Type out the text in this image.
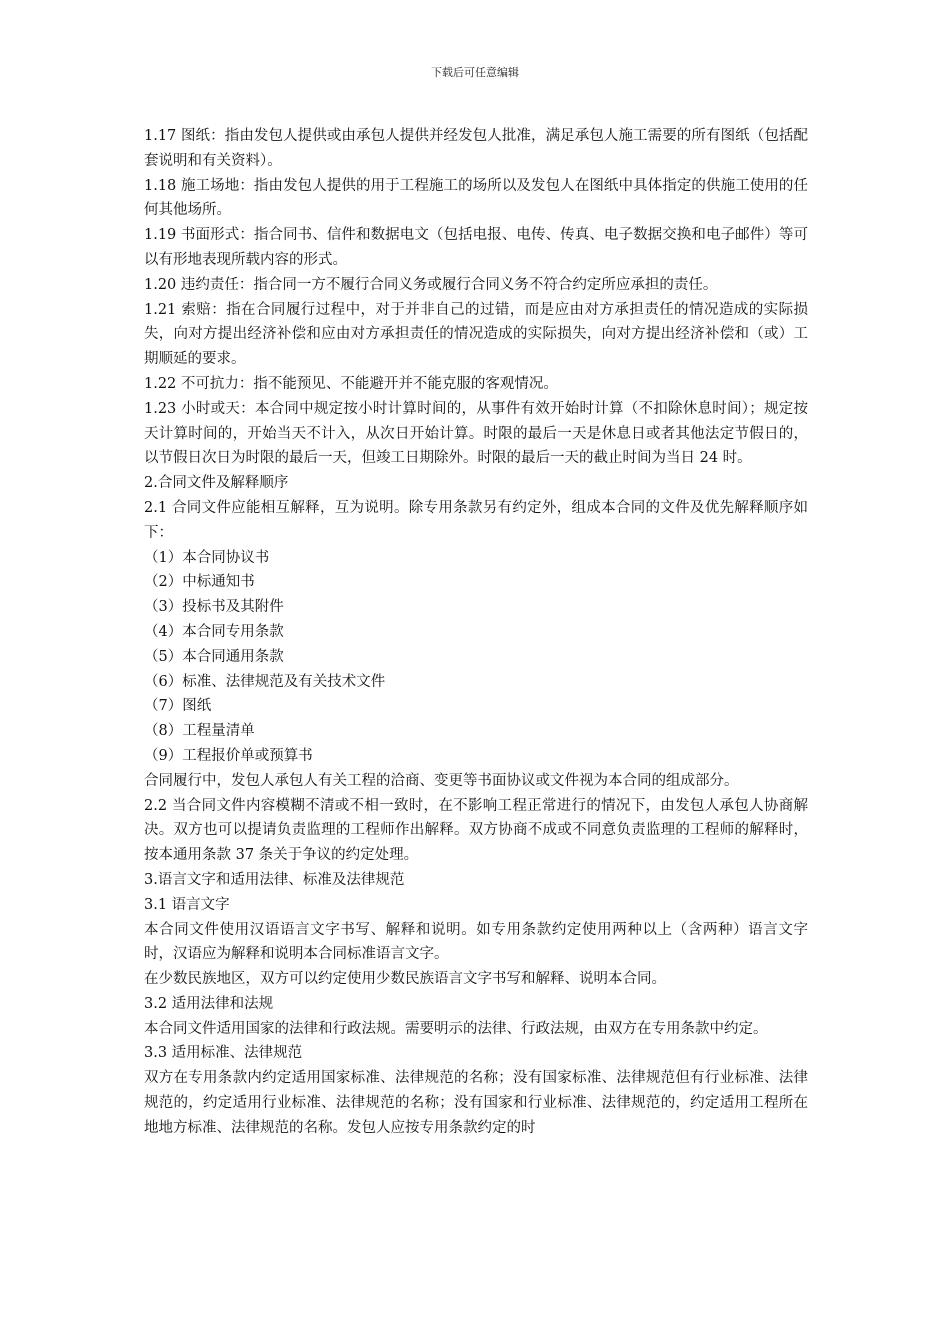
下载后可任意编辑

1.17 图纸：指由发包人提供或由承包人提供并经发包人批准，满足承包人施工需要的所有图纸（包括配套说明和有关资料）。

1.18 施工场地：指由发包人提供的用于工程施工的场所以及发包人在图纸中具体指定的供施工使用的任何其他场所。

1.19 书面形式：指合同书、信件和数据电文（包括电报、电传、传真、电子数据交换和电子邮件）等可以有形地表现所载内容的形式。

1.20 违约责任：指合同一方不履行合同义务或履行合同义务不符合约定所应承担的责任。

1.21 索赔：指在合同履行过程中，对于并非自己的过错，而是应由对方承担责任的情况造成的实际损失，向对方提出经济补偿和应由对方承担责任的情况造成的实际损失，向对方提出经济补偿和（或）工期顺延的要求。

1.22 不可抗力：指不能预见、不能避开并不能克服的客观情况。

1.23 小时或天：本合同中规定按小时计算时间的，从事件有效开始时计算（不扣除休息时间）；规定按天计算时间的，开始当天不计入，从次日开始计算。时限的最后一天是休息日或者其他法定节假日的，以节假日次日为时限的最后一天，但竣工日期除外。时限的最后一天的截止时间为当日 24 时。

2.合同文件及解释顺序

2.1 合同文件应能相互解释，互为说明。除专用条款另有约定外，组成本合同的文件及优先解释顺序如下：

（1）本合同协议书

（2）中标通知书

（3）投标书及其附件

（4）本合同专用条款

（5）本合同通用条款

（6）标准、法律规范及有关技术文件

（7）图纸

（8）工程量清单

（9）工程报价单或预算书

合同履行中，发包人承包人有关工程的洽商、变更等书面协议或文件视为本合同的组成部分。

2.2 当合同文件内容模糊不清或不相一致时，在不影响工程正常进行的情况下，由发包人承包人协商解决。双方也可以提请负责监理的工程师作出解释。双方协商不成或不同意负责监理的工程师的解释时，按本通用条款 37 条关于争议的约定处理。

3.语言文字和适用法律、标准及法律规范

3.1 语言文字

本合同文件使用汉语语言文字书写、解释和说明。如专用条款约定使用两种以上（含两种）语言文字时，汉语应为解释和说明本合同标准语言文字。

在少数民族地区，双方可以约定使用少数民族语言文字书写和解释、说明本合同。

3.2 适用法律和法规

本合同文件适用国家的法律和行政法规。需要明示的法律、行政法规，由双方在专用条款中约定。

3.3 适用标准、法律规范

双方在专用条款内约定适用国家标准、法律规范的名称；没有国家标准、法律规范但有行业标准、法律规范的，约定适用行业标准、法律规范的名称；没有国家和行业标准、法律规范的，约定适用工程所在地地方标准、法律规范的名称。发包人应按专用条款约定的时
